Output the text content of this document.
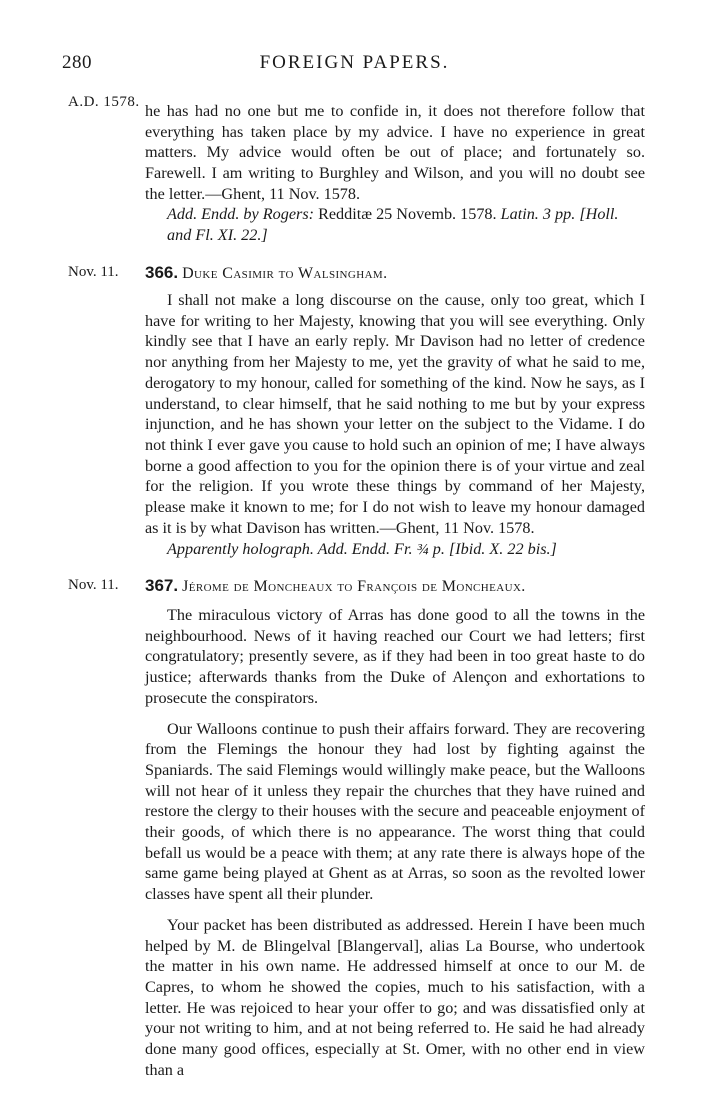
280	FOREIGN PAPERS.
A.D. 1578. he has had no one but me to confide in, it does not therefore follow that everything has taken place by my advice. I have no experience in great matters. My advice would often be out of place; and fortunately so. Farewell. I am writing to Burghley and Wilson, and you will no doubt see the letter.—Ghent, 11 Nov. 1578.

Add. Endd. by Rogers: Redditæ 25 Novemb. 1578. Latin. 3 pp. [Holl. and Fl. XI. 22.]
Nov. 11. 366. Duke Casimir to Walsingham.

I shall not make a long discourse on the cause, only too great, which I have for writing to her Majesty, knowing that you will see everything. Only kindly see that I have an early reply. Mr Davison had no letter of credence nor anything from her Majesty to me, yet the gravity of what he said to me, derogatory to my honour, called for something of the kind. Now he says, as I understand, to clear himself, that he said nothing to me but by your express injunction, and he has shown your letter on the subject to the Vidame. I do not think I ever gave you cause to hold such an opinion of me; I have always borne a good affection to you for the opinion there is of your virtue and zeal for the religion. If you wrote these things by command of her Majesty, please make it known to me; for I do not wish to leave my honour damaged as it is by what Davison has written.—Ghent, 11 Nov. 1578.

Apparently holograph. Add. Endd. Fr. ¾ p. [Ibid. X. 22 bis.]
Nov. 11. 367. Jérome de Moncheaux to François de Moncheaux.

The miraculous victory of Arras has done good to all the towns in the neighbourhood. News of it having reached our Court we had letters; first congratulatory; presently severe, as if they had been in too great haste to do justice; afterwards thanks from the Duke of Alençon and exhortations to prosecute the conspirators.

Our Walloons continue to push their affairs forward. They are recovering from the Flemings the honour they had lost by fighting against the Spaniards. The said Flemings would willingly make peace, but the Walloons will not hear of it unless they repair the churches that they have ruined and restore the clergy to their houses with the secure and peaceable enjoyment of their goods, of which there is no appearance. The worst thing that could befall us would be a peace with them; at any rate there is always hope of the same game being played at Ghent as at Arras, so soon as the revolted lower classes have spent all their plunder.

Your packet has been distributed as addressed. Herein I have been much helped by M. de Blingelval [Blangerval], alias La Bourse, who undertook the matter in his own name. He addressed himself at once to our M. de Capres, to whom he showed the copies, much to his satisfaction, with a letter. He was rejoiced to hear your offer to go; and was dissatisfied only at your not writing to him, and at not being referred to. He said he had already done many good offices, especially at St. Omer, with no other end in view than a
